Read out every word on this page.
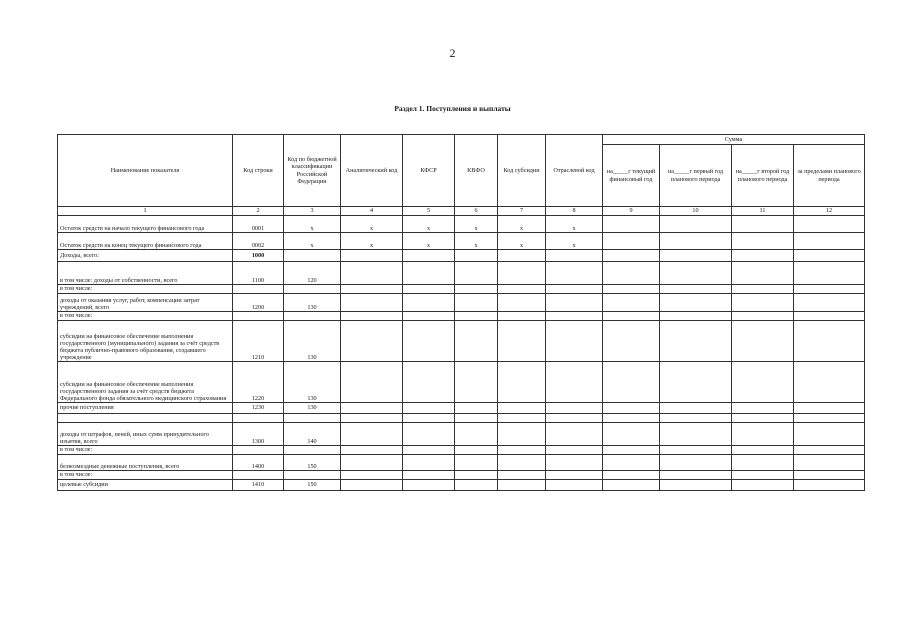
2
Раздел 1. Поступления и выплаты
Наименование показателя	Код строки	Код по бюджетной классификации Российской Федерации	Аналитический код	КФСР	КВФО	Код субсидии	Отраслевой код	Сумма			
								на_____г текущий финансовый год	на_____г первый год планового периода	на_____г второй год планового периода	за пределами планового периода
1	2	3	4	5	6	7	8	9	10	11	12
Остаток средств на начало текущего финансового года	0001	x	x	x	x	x	x				
Остаток средств на конец текущего финансового года	0002	x	x	x	x	x	x				
Доходы, всего:	1000										
в том числе: доходы от собственности, всего	1100	120									
в том числе:											
доходы от оказания услуг, работ, компенсации затрат учреждений, всего	1200	130									
в том числе:											
субсидии на финансовое обеспечение выполнения государственного (муниципального) задания за счёт средств бюджета публично-правового образования, создавшего учреждение	1210	130									
субсидии на финансовое обеспечение выполнения государственного задания за счёт средств бюджета Федерального фонда обязательного медицинского страхования	1220	130									
прочие поступления	1230	130									

доходы от штрафов, пеней, иных сумм принудительного изъятия, всего	1300	140									
в том числе:											
безвозмездные денежные поступления, всего	1400	150									
в том числе:											
целевые субсидии	1410	150									
